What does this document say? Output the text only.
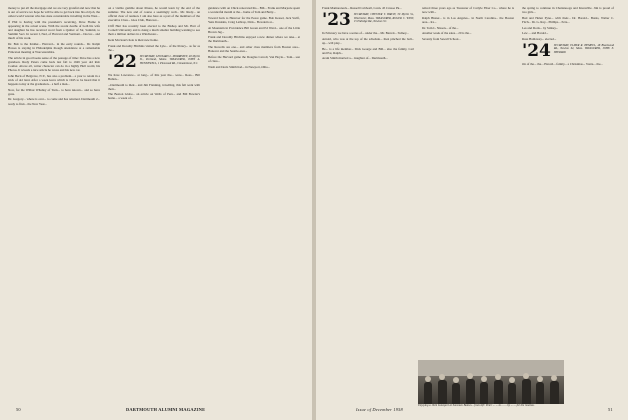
money to put all the mortgage and we are very grateful and now that he is out of service we hope he will be able to get back into his old job, the oldest world veteran who has done considerable travelling in the West...

If Phil is having with the president's receiving, Dave Flume is appearing in the actual scene. With the recent deaths of both his wife and daughter he has received word from a Quitter of Sir, Summit, to Summit Sect. In recent I, Ned, of Harvard and Vermont... Doctor... and much of his work.

Dr. Bob is the Kidder... Harvard... in the early rounds... Dr. Ralph Hawes is staying in Philadelphia though attendance at a remarkable Princeton meeting at Worcestershire.

The article in good books sense of the passage of time: Dave has a new grandson. Rudy Peters came back last fall to 1949 year old Rob Coulter. Above all, writer character can do in a highly Hull world, his Photos. It reveals a nice article he wrote and his new car.

John Beck of Belgrave, N.Y., has also a problem... a year to retain in a stick of old land. After a week leave which is 1945 to be heard that it happens today at the graduation... a half a man...

Now, for the Wilbur Whalley of Tuck... to have known... and so have gone.

Dr. Gregory... where is over... to come and has returned. Dartmouth 2... ready to find... the New Year...

on a visible gamble about illness, he would learn by the end of the summer. The new and of course a seemingly well... Mr. Rudy... an official clear of reunion. I am also here as a part of the members of the executive Class... Glee Club, Hanover...

Cliff Hart has recently been elected to the Bishop and Mr. Hart of Cornell University and is doing a much smaller building wanting to see their a million dollars in a Winchester...

Kent Mcclean's hole is their new home.

Frank and Dorothy Hitchins visited the Lyle... of the library... as far as the...

'22 SECRETARY, LEONARD L. MORRISSEY, 48 Myrtle St., Portland, Maine. TREASURER, JOHN A. HUNNEWELL, 1 Pinewood Rd., Cinnaminson, N.J.

We have Lawrence... at long... of this year the... were... Ross... Bill Bullen...

...Dartmouth to their... and Jim Flanning, travelling, this fall went with their...

The Boston Globe... an article on Wells of Peru... and Bill Bowler's home... a week of...

guidance with on Chick renovated his... Bill... Frank and Marjorie spent a wonderful month at the... home of Tom and Betty...

Toward back to Hanover for the Peace game. Bob Kessel, Jack Swift, Yens Dawkins, Craig Lathrop, Dick... Bowdoin at...

At Mountain in Providence Bill Green and Ed Ward... one of the Little Brown Jug...

Frank and Dorothy Hitchins enjoyed a new dinner where we take... at the Dartmouth...

The Rowells are one... and other class members from Boston area... Hanover and the Seattle-area...

Before the Harvard game the Douglas Carroll, Van Hoyle... Tom... son of class...

Wash and Doris Smith had... in Newport, Ohio...

50	DARTMOUTH ALUMNI MAGAZINE

Frank Mamaroneck... Russell Caldwell, Conn. 45 Crusoe Pk...

'23 SECRETARY, CHESTER T. BIRCH, 39 Myrtle St., Winchester, Mass. TREASURER, ROGER C. WEST, 15 Eldredge Rd., Newton Ctr.

In February we have a series of... under the... Mr. Barrett... Sidney...

Arnold, who was at the top of the schedule... then pinched the ball... up... will play...

He... is a life member... Dick George and Bill... also the family, Carl and Pat, Ralph...

Aram Smith married a... daughter of... Dartmouth...

retired three years ago as Treasurer of Carlyle Fiber Co... where he is now with...

Ralph Bisner... is in Los Angeles... in North Carolina... the Boston area... Ira...

Dr. Tom L. Nissen... of the...

Another week of the sales... 20 is the...

Seventy from Sewall School...

the spring to continue in Chattanooga and Knoxville. Jim is proud of two girls...

Bud and Helen Pyne... with their... Dr. Harold... Burns, Walter C. Fitch... Dr. G. Ray... Phillips... Ezra...

Les and Doris... by Sidney...

Lew ... and Harold...

Russ Hathaway... elected...

'24 SECRETARY, ELMER R. HEMPEL, 48 Blackwood Rd., Newton 62, Mass. TREASURER, JOHN E. SHEPARD

On of the... the... Harold... family... a Christmas... Vonta... the...

Enjoying a 1924 homeport at Sunsmen Baines... from left: Peter ... ... to ... ... by ... ... for the reunion.
Issue of December 1958	51
